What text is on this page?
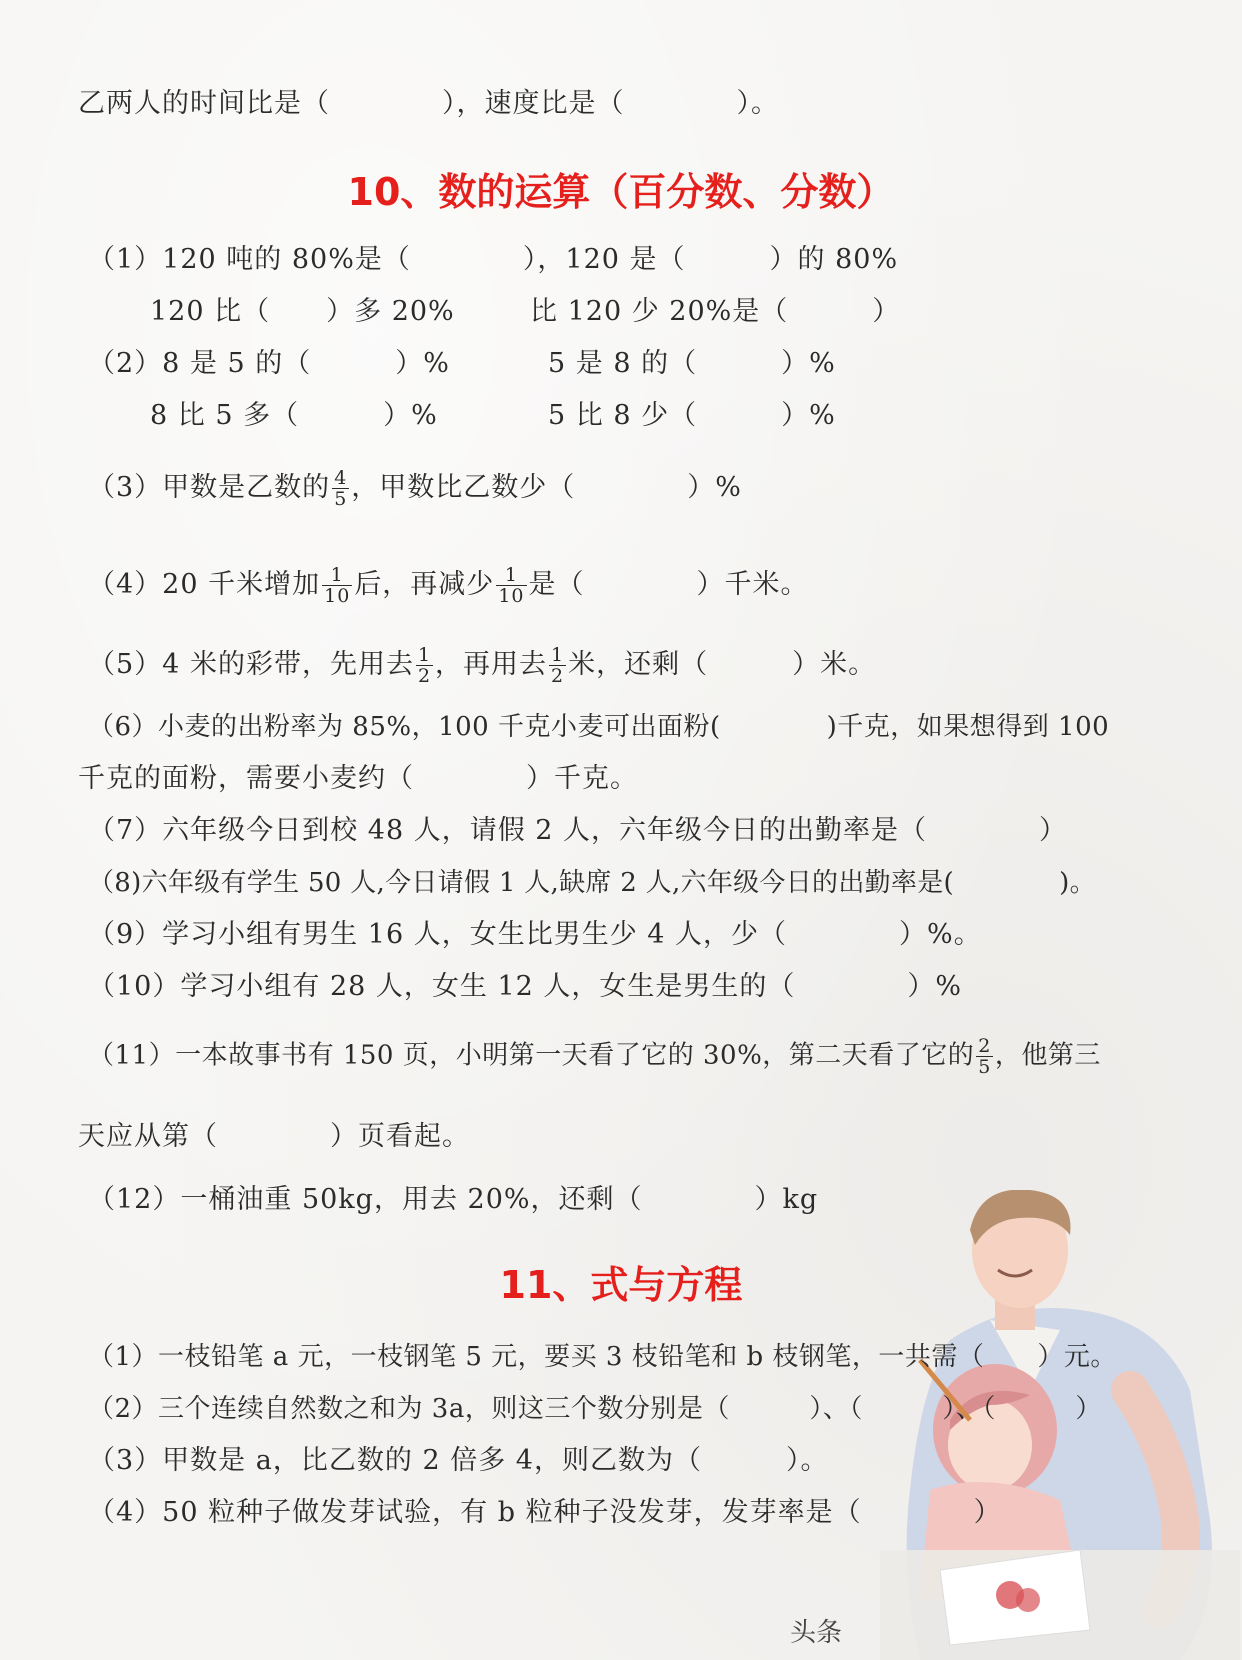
乙两人的时间比是（　　　　），速度比是（　　　　）。
10、数的运算（百分数、分数）
（1）120 吨的 80%是（　　　　），120 是（　　　）的 80%
120 比（　　）多 20%	比 120 少 20%是（　　　）
（2）8 是 5 的（　　　）%	5 是 8 的（　　　）%
8 比 5 多（　　　）%	5 比 8 少（　　　）%
（3）甲数是乙数的 $\frac{4}{5}$ ，甲数比乙数少（　　　　）%
（4）20 千米增加 $\frac{1}{10}$ 后，再减少 $\frac{1}{10}$ 是（　　　　）千米。
（5）4 米的彩带，先用去 $\frac{1}{2}$ ，再用去 $\frac{1}{2}$ 米，还剩（　　　）米。
（6）小麦的出粉率为 85%，100 千克小麦可出面粉(　　　　)千克，如果想得到 100
千克的面粉，需要小麦约（　　　　）千克。
（7）六年级今日到校 48 人，请假 2 人，六年级今日的出勤率是（　　　　）
（8)六年级有学生 50 人,今日请假 1 人,缺席 2 人,六年级今日的出勤率是(　　　　)。
（9）学习小组有男生 16 人，女生比男生少 4 人，少（　　　　）%。
（10）学习小组有 28 人，女生 12 人，女生是男生的（　　　　）%
（11）一本故事书有 150 页，小明第一天看了它的 30%，第二天看了它的 $\frac{2}{5}$ ，他第三
天应从第（　　　　）页看起。
（12）一桶油重 50kg，用去 20%，还剩（　　　　）kg
11、式与方程
（1）一枝铅笔 a 元，一枝钢笔 5 元，要买 3 枝铅笔和 b 枝钢笔，一共需（　　）元。
（2）三个连续自然数之和为 3a，则这三个数分别是（　　　）、（　　　）、（　　　）
（3）甲数是 a，比乙数的 2 倍多 4，则乙数为（　　　）。
（4）50 粒种子做发芽试验，有 b 粒种子没发芽，发芽率是（　　　　）
头条
